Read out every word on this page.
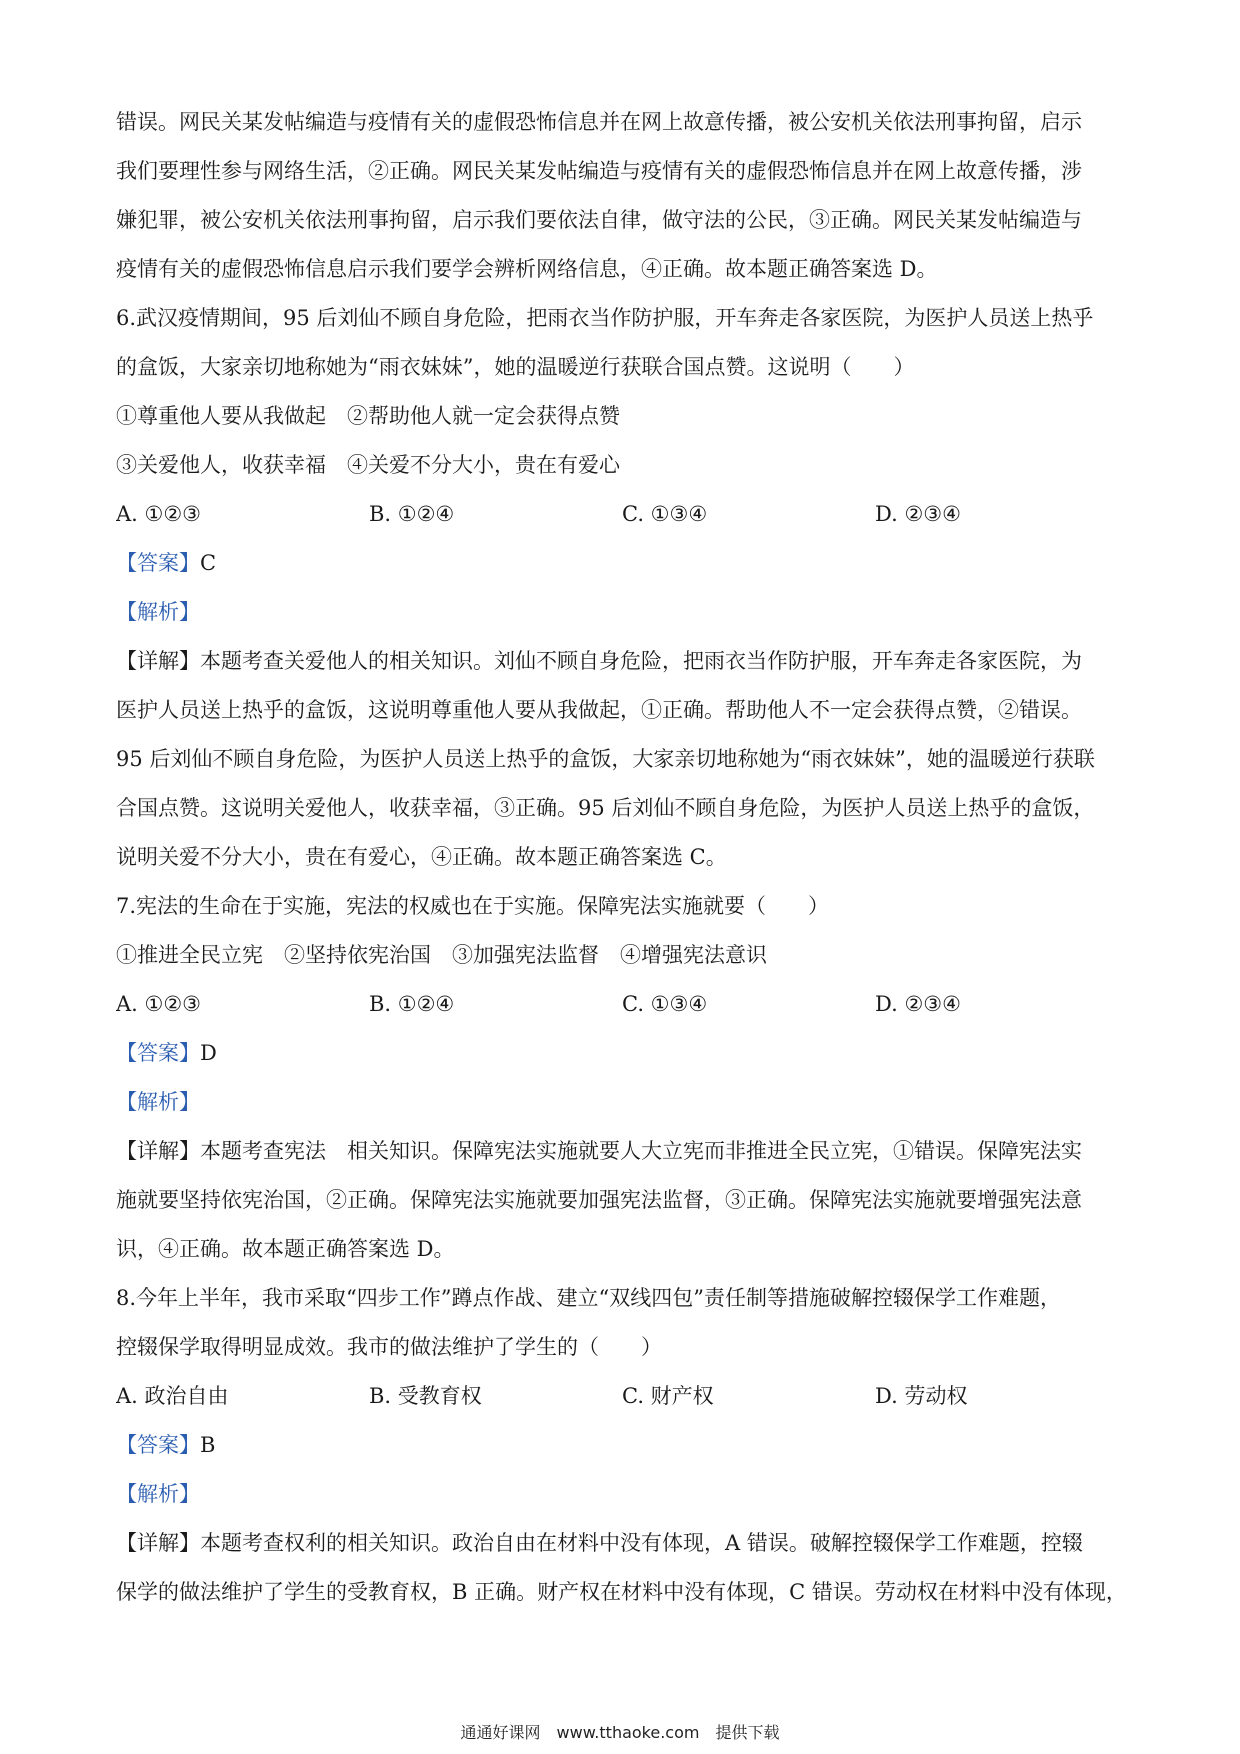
错误。网民关某发帖编造与疫情有关的虚假恐怖信息并在网上故意传播，被公安机关依法刑事拘留，启示
我们要理性参与网络生活，②正确。网民关某发帖编造与疫情有关的虚假恐怖信息并在网上故意传播，涉
嫌犯罪，被公安机关依法刑事拘留，启示我们要依法自律，做守法的公民，③正确。网民关某发帖编造与
疫情有关的虚假恐怖信息启示我们要学会辨析网络信息，④正确。故本题正确答案选 D。
6.武汉疫情期间，95 后刘仙不顾自身危险，把雨衣当作防护服，开车奔走各家医院，为医护人员送上热乎
的盒饭，大家亲切地称她为“雨衣妹妹”，她的温暖逆行获联合国点赞。这说明（　　）
①尊重他人要从我做起　②帮助他人就一定会获得点赞
③关爱他人，收获幸福　④关爱不分大小，贵在有爱心
A. ①②③	B. ①②④	C. ①③④	D. ②③④
【答案】C
【解析】
【详解】本题考查关爱他人的相关知识。刘仙不顾自身危险，把雨衣当作防护服，开车奔走各家医院，为
医护人员送上热乎的盒饭，这说明尊重他人要从我做起，①正确。帮助他人不一定会获得点赞，②错误。
95 后刘仙不顾自身危险，为医护人员送上热乎的盒饭，大家亲切地称她为“雨衣妹妹”，她的温暖逆行获联
合国点赞。这说明关爱他人，收获幸福，③正确。95 后刘仙不顾自身危险，为医护人员送上热乎的盒饭，
说明关爱不分大小，贵在有爱心，④正确。故本题正确答案选 C。
7.宪法的生命在于实施，宪法的权威也在于实施。保障宪法实施就要（　　）
①推进全民立宪　②坚持依宪治国　③加强宪法监督　④增强宪法意识
A. ①②③	B. ①②④	C. ①③④	D. ②③④
【答案】D
【解析】
【详解】本题考查宪法　相关知识。保障宪法实施就要人大立宪而非推进全民立宪，①错误。保障宪法实
施就要坚持依宪治国，②正确。保障宪法实施就要加强宪法监督，③正确。保障宪法实施就要增强宪法意
识，④正确。故本题正确答案选 D。
8.今年上半年，我市采取“四步工作”蹲点作战、建立“双线四包”责任制等措施破解控辍保学工作难题，
控辍保学取得明显成效。我市的做法维护了学生的（　　）
A. 政治自由	B. 受教育权	C. 财产权	D. 劳动权
【答案】B
【解析】
【详解】本题考查权利的相关知识。政治自由在材料中没有体现，A 错误。破解控辍保学工作难题，控辍
保学的做法维护了学生的受教育权，B 正确。财产权在材料中没有体现，C 错误。劳动权在材料中没有体现，
通通好课网　www.tthaoke.com　提供下载
